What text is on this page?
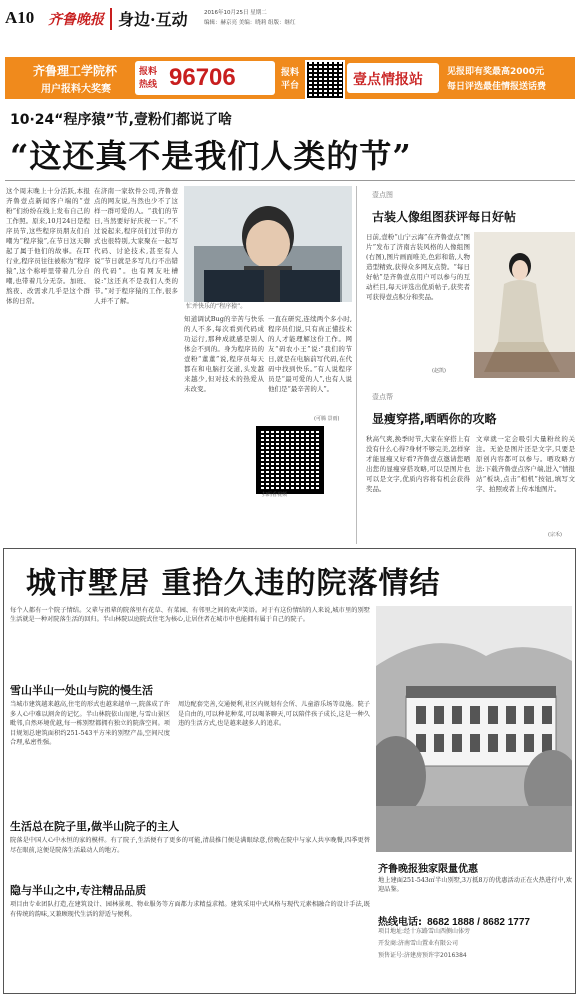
A10 齐鲁晚报 身边·互动	2016年10月25日 星期二
编辑：赫京亮 美编：晓莉 组版：继红
齐鲁理工学院杯
用户报料大奖赛
报料
热线 96706	报料
平台	壹点情报站	见报即有奖最高2000元
每日评选最佳情报送话费
10·24“程序猿”节,壹粉们都说了啥
“这还真不是我们人类的节”
这个周末晚上十分活跃,本报齐鲁壹点新闻客户端的“壹粉”们纷纷在线上发布自己的工作照。原来,10月24日是程序员节,这些程序员朋友们自嘲为“程序猿”,在节日这天聊起了属于他们的故事。在IT行业,程序员往往被称为“程序猿”,这个称呼里带着几分自嘲,也带着几分无奈。加班、熬夜、改需求几乎是这个群体的日常。
在济南一家软件公司,齐鲁壹点的网友说,当然也少不了这样一群可爱的人。“我们的节日,当然要好好庆祝一下。”不过说起来,程序员们过节的方式也很特别,大家聚在一起写代码、讨论技术,甚至有人说“节日就是多写几行不出错的代码”。也有网友吐槽说:“这还真不是我们人类的节。”对于程序猿的工作,很多人并不了解。
忙并快乐的“程序猿”。
知道调试Bug的辛苦与快乐的人不多,每次看到代码成功运行,那种成就感是别人体会不到的。身为程序员的壹粉“董董”说,程序员每天都在和电脑打交道,头发越来越少,但对技术的热爱从未改变。
一直在研究,连续两个多小时,程序员们说,只有真正懂技术的人才能理解这份工作。网友“码农小王”说:“我们的节日,就是在电脑前写代码,在代码中找到快乐。”有人说程序员是“最可爱的人”,也有人说他们是“最辛苦的人”。
(可腾 景雨)
扫码看视频
壹点图
古装人像组图获评每日好帖
日前,壹粉“山宁云海”在齐鲁壹点“图片”发布了济南古装风格的人像组图(右图),图片画面唯美,色彩和谐,人物造型精致,获得众多网友点赞。“每日好帖”是齐鲁壹点用户可以参与的互动栏目,每天评选出优质帖子,获奖者可获得壹点积分和奖品。
(赵凯)
壹点帮
显瘦穿搭,晒晒你的攻略
秋高气爽,换季时节,大家在穿搭上有没有什么心得?身材不够完美,怎样穿才能显瘦又好看?齐鲁壹点邀请您晒出您的显瘦穿搭攻略,可以是图片也可以是文字,优质内容将有机会获得奖品。
文章就一定会吸引大量粉丝的关注。无论是图片还是文字,只要是原创内容都可以参与。晒攻略方法:下载齐鲁壹点客户端,进入“情报站”板块,点击“相机”按钮,填写文字、拍照或者上传本地图片。
(宗禾)
城市墅居 重拾久违的院落情结
每个人都有一个院子情结。父辈与祖辈的院落里有花草、有菜园、有邻里之间的欢声笑语。对于有这份情结的人来说,城市里的别墅生活就是一种对院落生活的回归。半山林院以庭院式住宅为核心,让居住者在城市中也能拥有属于自己的院子。
雪山半山一处山与院的慢生活
当城市建筑越来越高,住宅的形式也越来越单一,院落成了许多人心中难以割舍的记忆。半山林院依山而建,与雪山景区毗邻,自然环境优越,每一栋别墅都拥有独立的院落空间。项目规划总建筑面积约251-543平方米的别墅产品,空间尺度合理,私密性强。
周边配套完善,交通便利,社区内规划有会所、儿童游乐场等设施。院子是自由的,可以种花种菜,可以喝茶聊天,可以陪伴孩子成长,这是一种久违的生活方式,也是越来越多人的追求。
生活总在院子里,做半山院子的主人
院落是中国人心中永恒的家的模样。有了院子,生活便有了更多的可能,清晨推门便是满眼绿意,傍晚在院中与家人共享晚餐,四季更替尽在眼前,这便是院落生活最动人的地方。
隐与半山之中,专注精品品质
项目由专业团队打造,在建筑设计、园林景观、物业服务等方面都力求精益求精。建筑采用中式风格与现代元素相融合的设计手法,既有传统的韵味,又兼顾现代生活的舒适与便利。
齐鲁晚报独家限量优惠
地上建面251-543㎡半山别墅,3万抵8万的优惠活动正在火热进行中,欢迎品鉴。
热线电话: 8682 1888 / 8682 1777
项目地址:经十东路雪山西侧山体旁
开发商:济南雪山置业有限公司
预售证号:济建房预许字2016384
